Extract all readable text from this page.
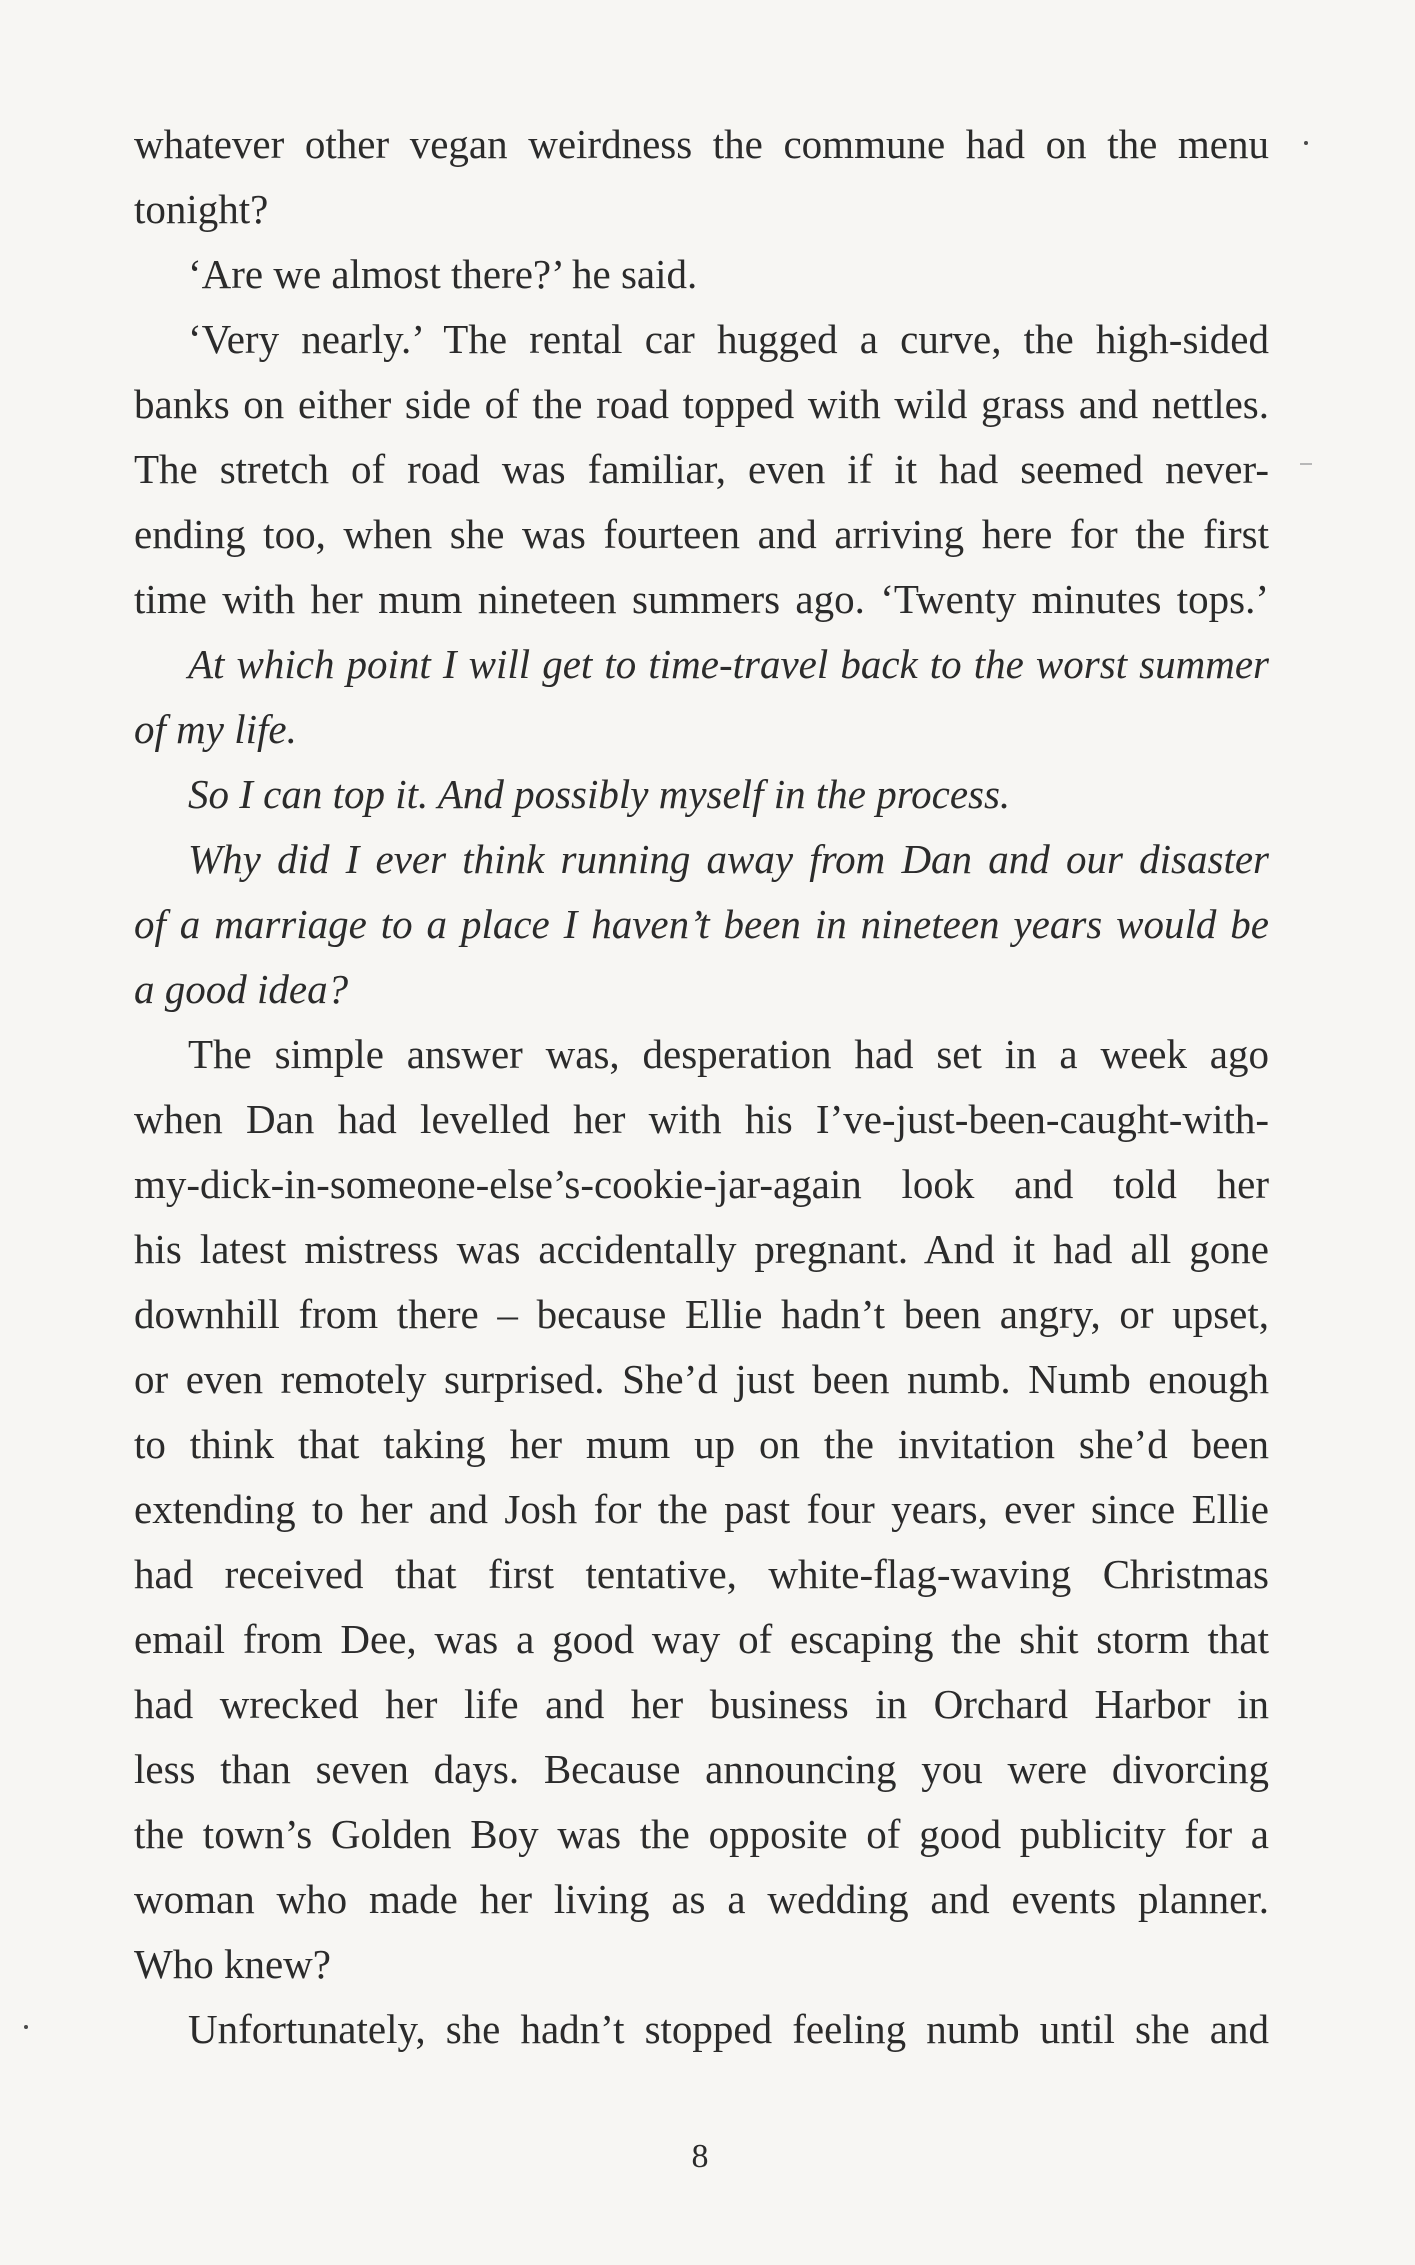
whatever other vegan weirdness the commune had on the menu
tonight?
‘Are we almost there?’ he said.
‘Very nearly.’ The rental car hugged a curve, the high-sided
banks on either side of the road topped with wild grass and nettles.
The stretch of road was familiar, even if it had seemed never-
ending too, when she was fourteen and arriving here for the first
time with her mum nineteen summers ago. ‘Twenty minutes tops.’
At which point I will get to time-travel back to the worst summer
of my life.
So I can top it. And possibly myself in the process.
Why did I ever think running away from Dan and our disaster
of a marriage to a place I haven’t been in nineteen years would be
a good idea?
The simple answer was, desperation had set in a week ago
when Dan had levelled her with his I’ve-just-been-caught-with-
my-dick-in-someone-else’s-cookie-jar-again look and told her
his latest mistress was accidentally pregnant. And it had all gone
downhill from there – because Ellie hadn’t been angry, or upset,
or even remotely surprised. She’d just been numb. Numb enough
to think that taking her mum up on the invitation she’d been
extending to her and Josh for the past four years, ever since Ellie
had received that first tentative, white-flag-waving Christmas
email from Dee, was a good way of escaping the shit storm that
had wrecked her life and her business in Orchard Harbor in
less than seven days. Because announcing you were divorcing
the town’s Golden Boy was the opposite of good publicity for a
woman who made her living as a wedding and events planner.
Who knew?
Unfortunately, she hadn’t stopped feeling numb until she and
8
